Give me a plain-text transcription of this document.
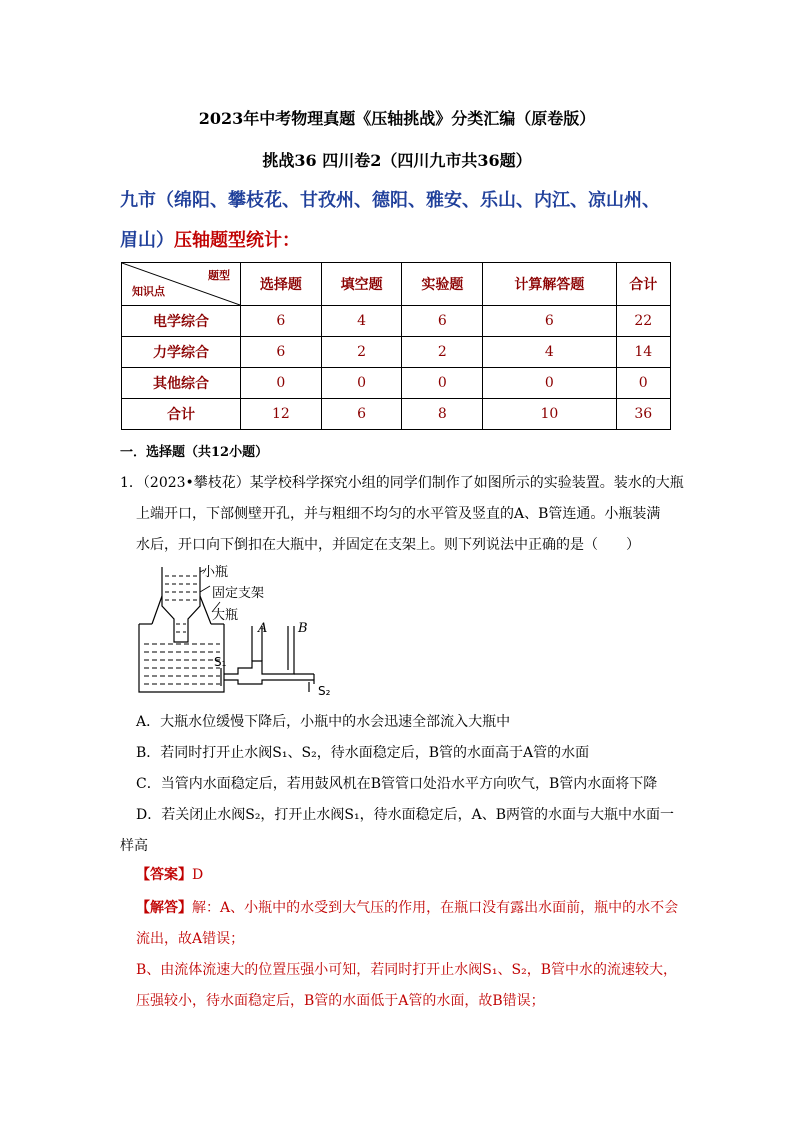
2023年中考物理真题《压轴挑战》分类汇编（原卷版）
挑战36 四川卷2（四川九市共36题）
九市（绵阳、攀枝花、甘孜州、德阳、雅安、乐山、内江、凉山州、
眉山）压轴题型统计：
题型
知识点	选择题	填空题	实验题	计算解答题	合计
电学综合	6	4	6	6	22
力学综合	6	2	2	4	14
其他综合	0	0	0	0	0
合计	12	6	8	10	36
一．选择题（共12小题）
1．（2023•攀枝花）某学校科学探究小组的同学们制作了如图所示的实验装置。装水的大瓶
上端开口，下部侧壁开孔，并与粗细不均匀的水平管及竖直的A、B管连通。小瓶装满
水后，开口向下倒扣在大瓶中，并固定在支架上。则下列说法中正确的是（　　）
小瓶
固定支架
大瓶
A B
S₁
S₂
A．大瓶水位缓慢下降后，小瓶中的水会迅速全部流入大瓶中
B．若同时打开止水阀S₁、S₂，待水面稳定后，B管的水面高于A管的水面
C．当管内水面稳定后，若用鼓风机在B管管口处沿水平方向吹气，B管内水面将下降
D．若关闭止水阀S₂，打开止水阀S₁，待水面稳定后，A、B两管的水面与大瓶中水面一
样高
【答案】D
【解答】解：A、小瓶中的水受到大气压的作用，在瓶口没有露出水面前，瓶中的水不会
流出，故A错误；
B、由流体流速大的位置压强小可知，若同时打开止水阀S₁、S₂，B管中水的流速较大，
压强较小，待水面稳定后，B管的水面低于A管的水面，故B错误；
